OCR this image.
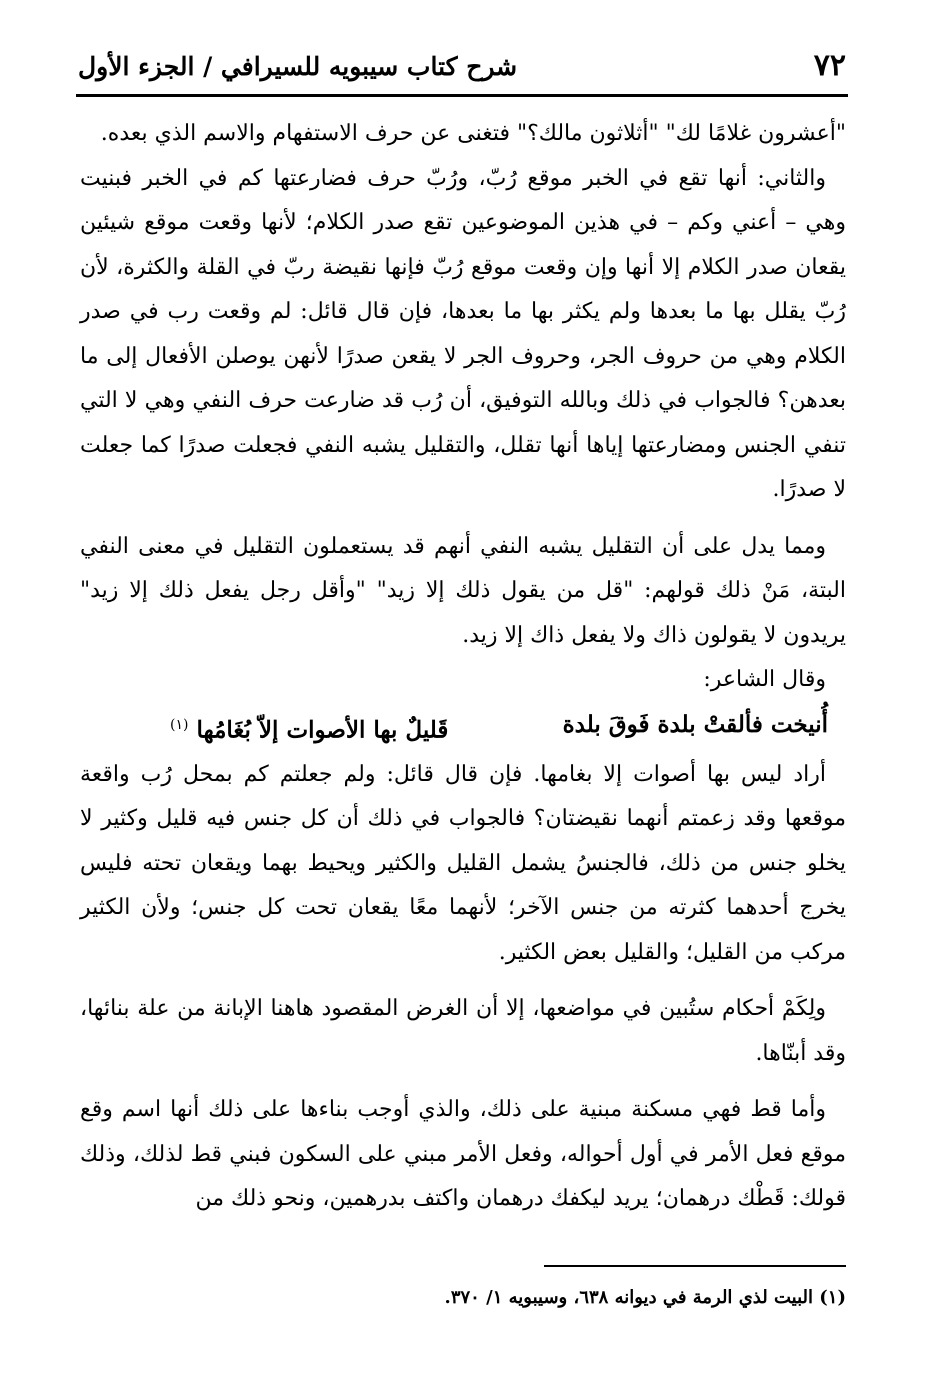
٧٢
شرح كتاب سيبويه للسيرافي / الجزء الأول

"أعشرون غلامًا لك" "أثلاثون مالك؟" فتغنى عن حرف الاستفهام والاسم الذي بعده.

والثاني: أنها تقع في الخبر موقع رُبّ، ورُبّ حرف فضارعتها كم في الخبر فبنيت وهي – أعني وكم – في هذين الموضوعين تقع صدر الكلام؛ لأنها وقعت موقع شيئين يقعان صدر الكلام إلا أنها وإن وقعت موقع رُبّ فإنها نقيضة ربّ في القلة والكثرة، لأن رُبّ يقلل بها ما بعدها ولم يكثر بها ما بعدها، فإن قال قائل: لم وقعت رب في صدر الكلام وهي من حروف الجر، وحروف الجر لا يقعن صدرًا لأنهن يوصلن الأفعال إلى ما بعدهن؟ فالجواب في ذلك وبالله التوفيق، أن رُب قد ضارعت حرف النفي وهي لا التي تنفي الجنس ومضارعتها إياها أنها تقلل، والتقليل يشبه النفي فجعلت صدرًا كما جعلت لا صدرًا.

ومما يدل على أن التقليل يشبه النفي أنهم قد يستعملون التقليل في معنى النفي البتة، مَنْ ذلك قولهم: "قل من يقول ذلك إلا زيد" "وأقل رجل يفعل ذلك إلا زيد" يريدون لا يقولون ذاك ولا يفعل ذاك إلا زيد.

وقال الشاعر:

أُنيخت فألقتْ بلدة فَوقَ بلدة
قَليلٌ بها الأصوات إلاّ بُغَامُها $^{(١)}$

أراد ليس بها أصوات إلا بغامها. فإن قال قائل: ولم جعلتم كم بمحل رُب واقعة موقعها وقد زعمتم أنهما نقيضتان؟ فالجواب في ذلك أن كل جنس فيه قليل وكثير لا يخلو جنس من ذلك، فالجنسُ يشمل القليل والكثير ويحيط بهما ويقعان تحته فليس يخرج أحدهما كثرته من جنس الآخر؛ لأنهما معًا يقعان تحت كل جنس؛ ولأن الكثير مركب من القليل؛ والقليل بعض الكثير.

ولِكَمْ أحكام ستُبين في مواضعها، إلا أن الغرض المقصود هاهنا الإبانة من علة بنائها، وقد أبنّاها.

وأما قط فهي مسكنة مبنية على ذلك، والذي أوجب بناءها على ذلك أنها اسم وقع موقع فعل الأمر في أول أحواله، وفعل الأمر مبني على السكون فبني قط لذلك، وذلك قولك: قَطْك درهمان؛ يريد ليكفك درهمان واكتف بدرهمين، ونحو ذلك من

(١) البيت لذي الرمة في ديوانه ٦٣٨، وسيبويه ١/ ٣٧٠.
